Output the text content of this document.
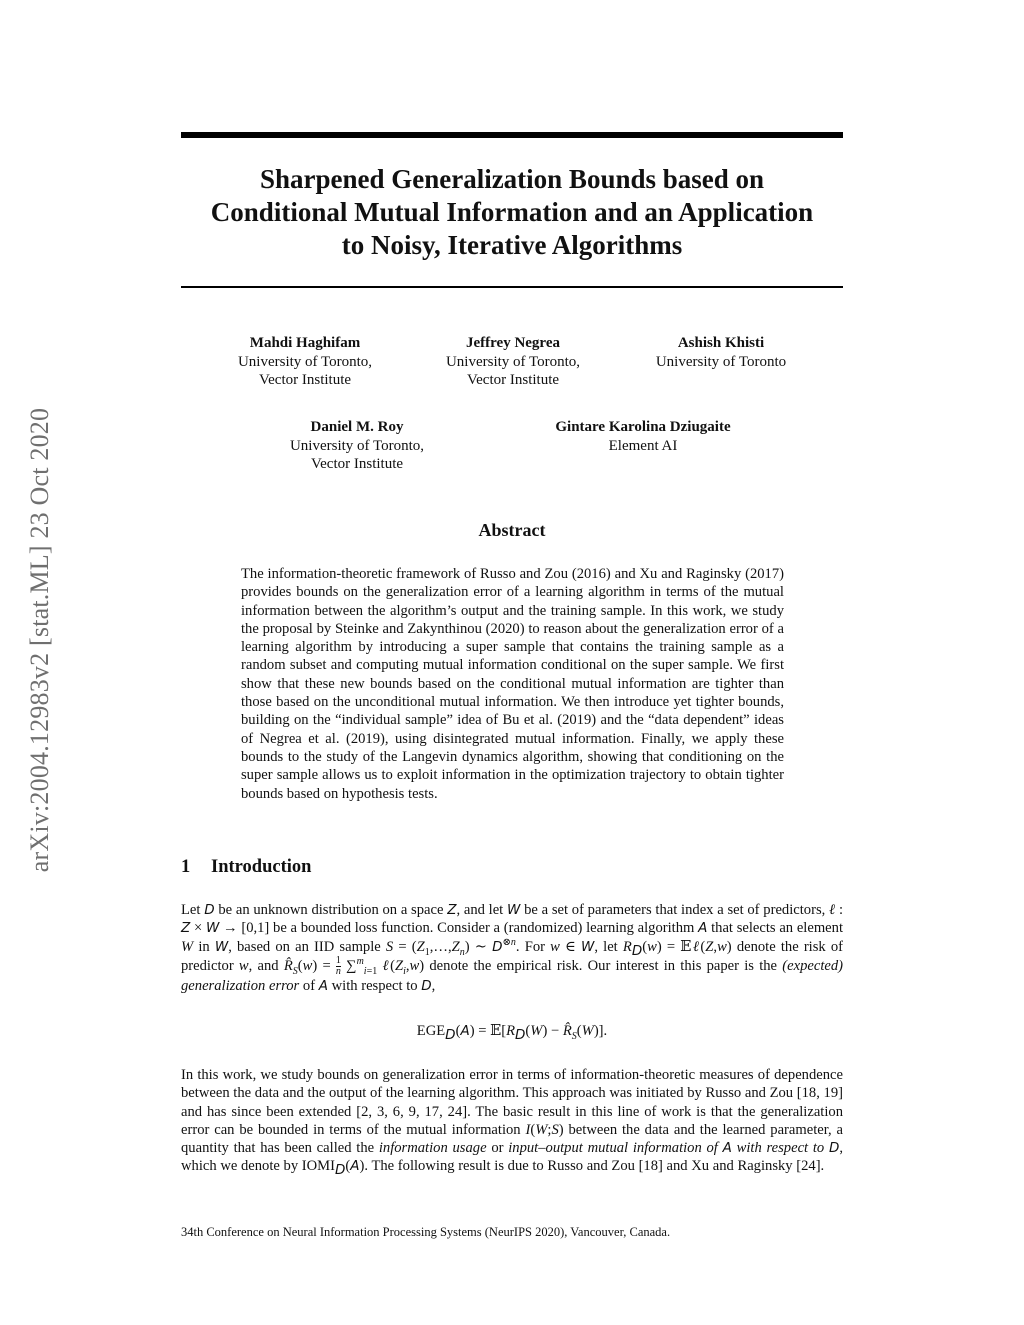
arXiv:2004.12983v2 [stat.ML] 23 Oct 2020
Sharpened Generalization Bounds based on
Conditional Mutual Information and an Application
to Noisy, Iterative Algorithms
Mahdi Haghifam
University of Toronto,
Vector Institute
Jeffrey Negrea
University of Toronto,
Vector Institute
Ashish Khisti
University of Toronto
Daniel M. Roy
University of Toronto,
Vector Institute
Gintare Karolina Dziugaite
Element AI
Abstract
The information-theoretic framework of Russo and Zou (2016) and Xu and Raginsky (2017) provides bounds on the generalization error of a learning algorithm in terms of the mutual information between the algorithm’s output and the training sample. In this work, we study the proposal by Steinke and Zakynthinou (2020) to reason about the generalization error of a learning algorithm by introducing a super sample that contains the training sample as a random subset and computing mutual information conditional on the super sample. We first show that these new bounds based on the conditional mutual information are tighter than those based on the unconditional mutual information. We then introduce yet tighter bounds, building on the “individual sample” idea of Bu et al. (2019) and the “data dependent” ideas of Negrea et al. (2019), using disintegrated mutual information. Finally, we apply these bounds to the study of the Langevin dynamics algorithm, showing that conditioning on the super sample allows us to exploit information in the optimization trajectory to obtain tighter bounds based on hypothesis tests.
1 Introduction
Let D be an unknown distribution on a space Z, and let W be a set of parameters that index a set of predictors, ℓ : Z × W → [0,1] be a bounded loss function. Consider a (randomized) learning algorithm A that selects an element W in W, based on an IID sample $S = (Z_1,\dots,Z_n)$ ∼ $D^{\otimes n}$. For w ∈ W, let $R_D(w)$ = 𝔼ℓ(Z,w) denote the risk of predictor w, and $R̂_S(w) = \frac{1}{n} \sum^m_{i=1}$ $\ell(Z_i,w)$ denote the empirical risk. Our interest in this paper is the (expected) generalization error of A with respect to D,
$EGE_D(A)$ = $𝔼[R_D(W)$ − $R̂_S(W)$].
In this work, we study bounds on generalization error in terms of information-theoretic measures of dependence between the data and the output of the learning algorithm. This approach was initiated by Russo and Zou [18, 19] and has since been extended [2, 3, 6, 9, 17, 24]. The basic result in this line of work is that the generalization error can be bounded in terms of the mutual information I(W;S) between the data and the learned parameter, a quantity that has been called the information usage or input–output mutual information of A with respect to D, which we denote by $IOMI_D(A)$. The following result is due to Russo and Zou [18] and Xu and Raginsky [24].
34th Conference on Neural Information Processing Systems (NeurIPS 2020), Vancouver, Canada.
